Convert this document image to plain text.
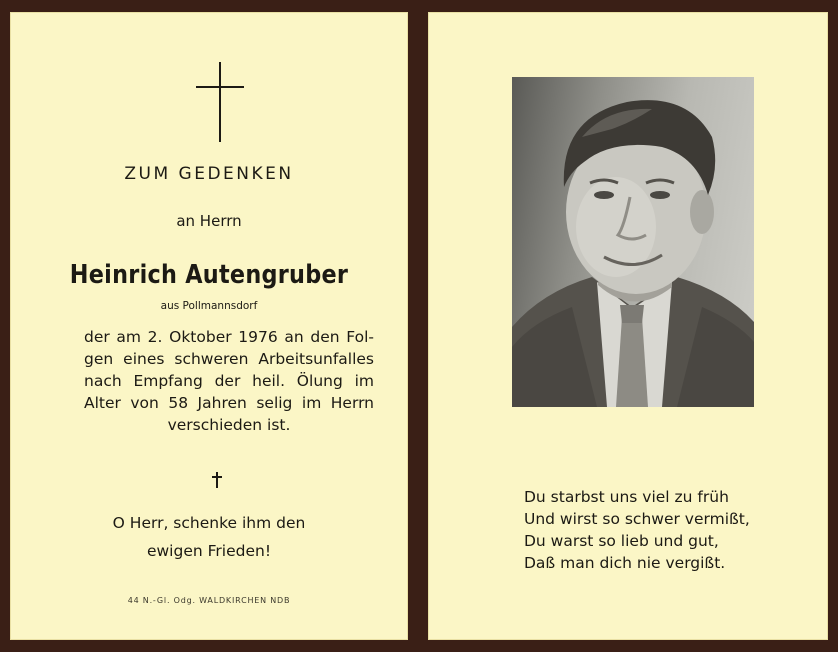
ZUM GEDENKEN
an Herrn
Heinrich Autengruber
aus Pollmannsdorf
der am 2. Oktober 1976 an den Fol-
gen eines schweren Arbeitsunfalles
nach Empfang der heil. Ölung im
Alter von 58 Jahren selig im Herrn
verschieden ist.
O Herr, schenke ihm den
ewigen Frieden!
44 N.-Gl. Odg. WALDKIRCHEN NDB
Du starbst uns viel zu früh
Und wirst so schwer vermißt,
Du warst so lieb und gut,
Daß man dich nie vergißt.
